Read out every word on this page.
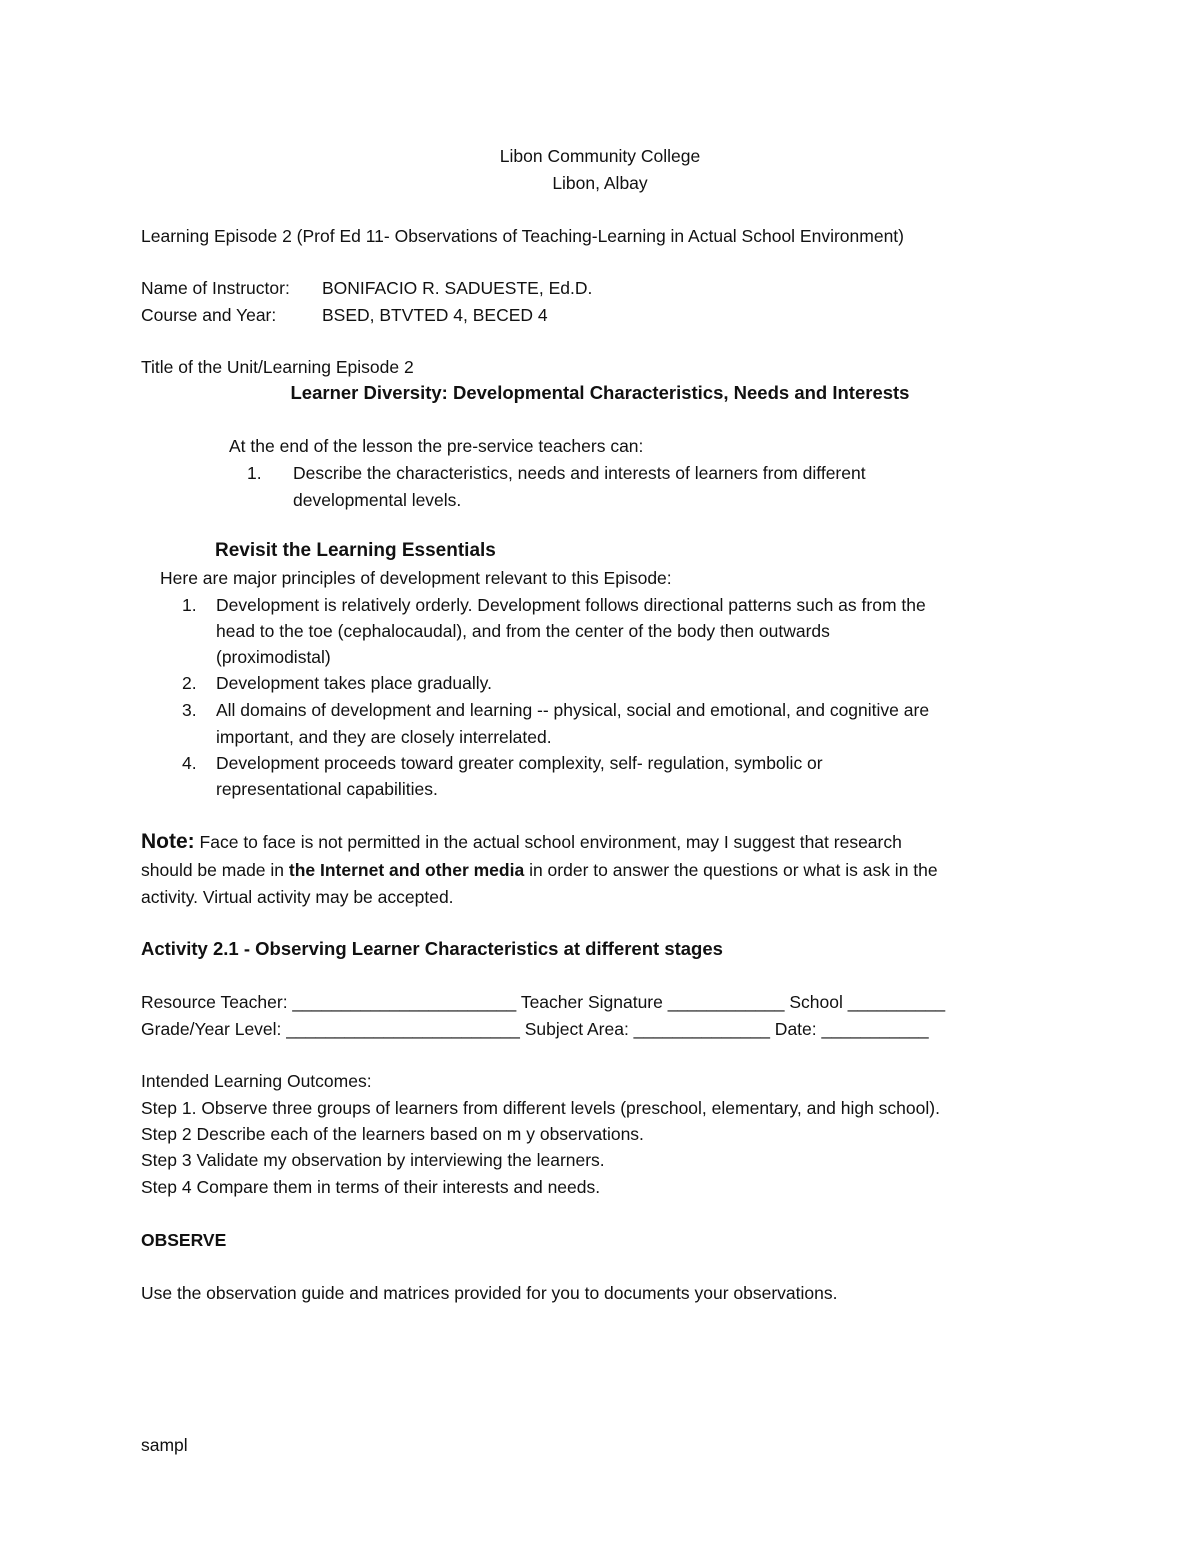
Libon Community College
Libon, Albay
Learning Episode 2 (Prof Ed 11- Observations of Teaching-Learning in Actual School Environment)
Name of Instructor: BONIFACIO R. SADUESTE, Ed.D.
Course and Year:	BSED, BTVTED 4, BECED 4
Title of the Unit/Learning Episode 2
Learner Diversity: Developmental Characteristics, Needs and Interests
At the end of the lesson the pre-service teachers can:
1. Describe the characteristics, needs and interests of learners from different
developmental levels.
Revisit the Learning Essentials
Here are major principles of development relevant to this Episode:
1. Development is relatively orderly. Development follows directional patterns such as from the
head to the toe (cephalocaudal), and from the center of the body then outwards
(proximodistal)
2. Development takes place gradually.
3. All domains of development and learning -- physical, social and emotional, and cognitive are
important, and they are closely interrelated.
4. Development proceeds toward greater complexity, self- regulation, symbolic or
representational capabilities.
Note: Face to face is not permitted in the actual school environment, may I suggest that research
should be made in the Internet and other media in order to answer the questions or what is ask in the
activity. Virtual activity may be accepted.
Activity 2.1 - Observing Learner Characteristics at different stages
Resource Teacher: _______________________ Teacher Signature ____________ School __________
Grade/Year Level: ________________________ Subject Area: ______________ Date: ___________
Intended Learning Outcomes:
Step 1. Observe three groups of learners from different levels (preschool, elementary, and high school).
Step 2 Describe each of the learners based on m y observations.
Step 3 Validate my observation by interviewing the learners.
Step 4 Compare them in terms of their interests and needs.
OBSERVE
Use the observation guide and matrices provided for you to documents your observations.
sampl
